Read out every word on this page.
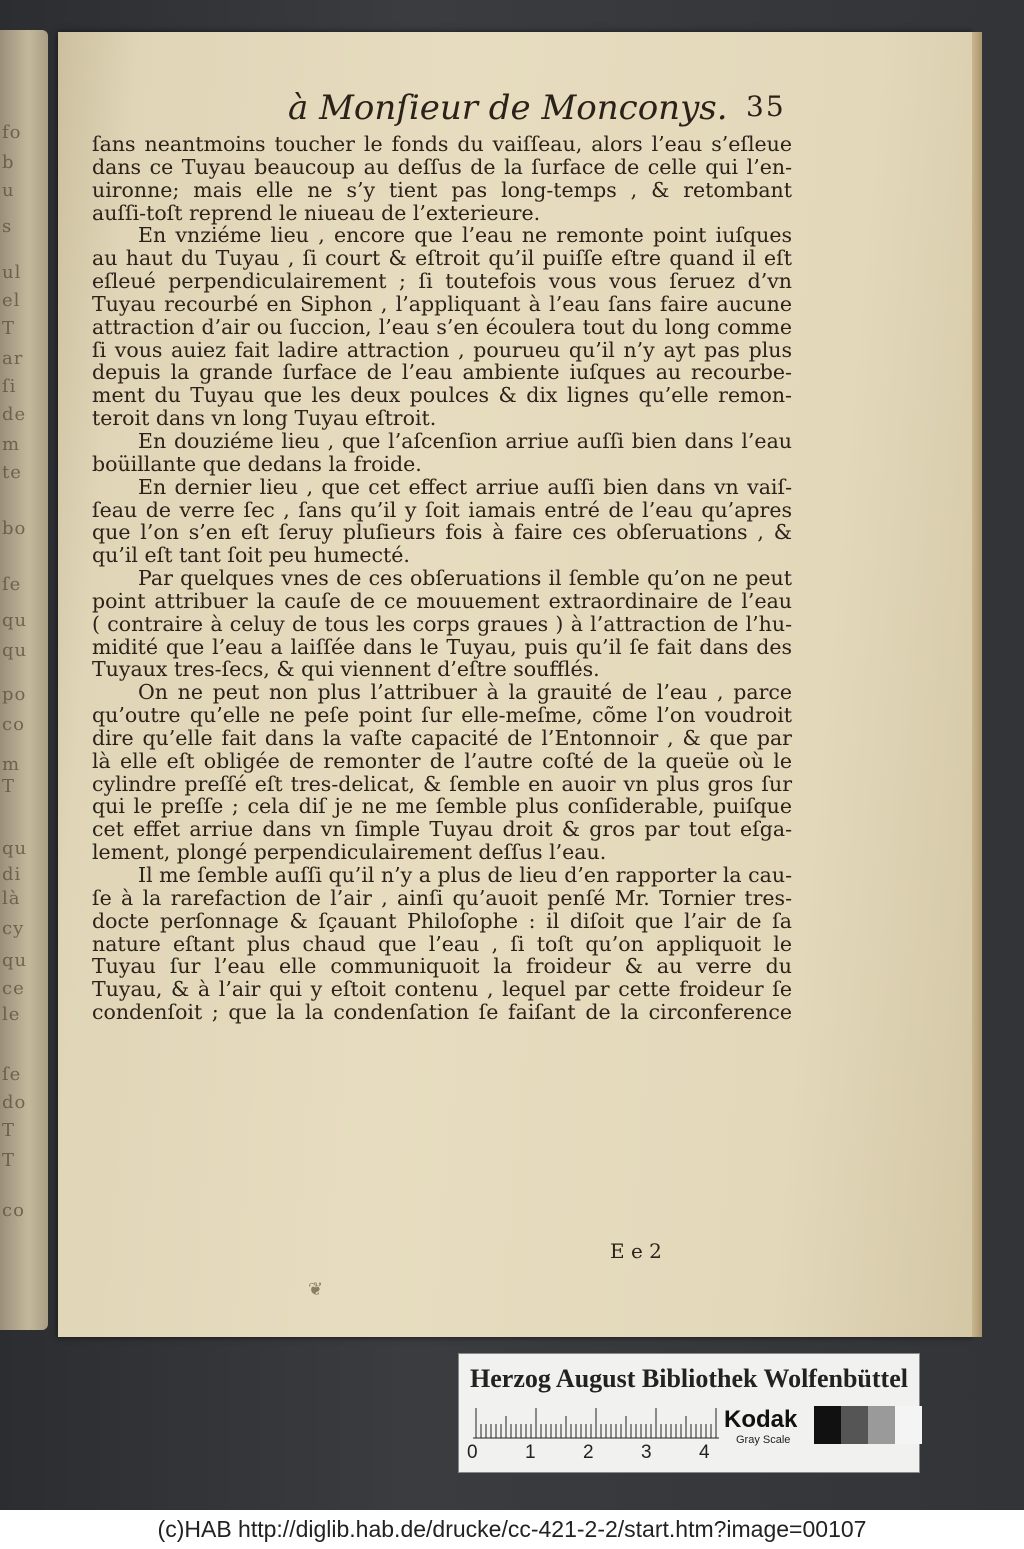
fo
b
u
s
ul
el
T
ar
ſi
de
m
te
bo
ſe
qu
qu
po
co
m
T
qu
di
là
cy
qu
ce
le
ſe
do
T
T
co
à Monſieur de Monconys. 35
ſans neantmoins toucher le fonds du vaiſſeau, alors l’eau s’eſleue
dans ce Tuyau beaucoup au deſſus de la ſurface de celle qui l’en-
uironne; mais elle ne s’y tient pas long-temps , & retombant
auſſi-toſt reprend le niueau de l’exterieure.
En vnziéme lieu , encore que l’eau ne remonte point iuſques
au haut du Tuyau , ſi court & eſtroit qu’il puiſſe eſtre quand il eſt
eſleué perpendiculairement ; ſi toutefois vous vous ſeruez d’vn
Tuyau recourbé en Siphon , l’appliquant à l’eau ſans faire aucune
attraction d’air ou ſuccion, l’eau s’en écoulera tout du long comme
ſi vous auiez fait ladire attraction , pourueu qu’il n’y ayt pas plus
depuis la grande ſurface de l’eau ambiente iuſques au recourbe-
ment du Tuyau que les deux poulces & dix lignes qu’elle remon-
teroit dans vn long Tuyau eſtroit.
En douziéme lieu , que l’aſcenſion arriue auſſi bien dans l’eau
boüillante que dedans la froide.
En dernier lieu , que cet effect arriue auſſi bien dans vn vaiſ-
ſeau de verre ſec , ſans qu’il y ſoit iamais entré de l’eau qu’apres
que l’on s’en eſt ſeruy pluſieurs fois à faire ces obſeruations , &
qu’il eſt tant ſoit peu humecté.
Par quelques vnes de ces obſeruations il ſemble qu’on ne peut
point attribuer la cauſe de ce mouuement extraordinaire de l’eau
( contraire à celuy de tous les corps graues ) à l’attraction de l’hu-
midité que l’eau a laiſſée dans le Tuyau, puis qu’il ſe fait dans des
Tuyaux tres-ſecs, & qui viennent d’eſtre soufflés.
On ne peut non plus l’attribuer à la grauité de l’eau , parce
qu’outre qu’elle ne peſe point ſur elle-meſme, cõme l’on voudroit
dire qu’elle fait dans la vaſte capacité de l’Entonnoir , & que par
là elle eſt obligée de remonter de l’autre coſté de la queüe où le
cylindre preſſé eſt tres-delicat, & ſemble en auoir vn plus gros ſur
qui le preſſe ; cela diſ je ne me ſemble plus conſiderable, puiſque
cet effet arriue dans vn ſimple Tuyau droit & gros par tout eſga-
lement, plongé perpendiculairement deſſus l’eau.
Il me ſemble auſſi qu’il n’y a plus de lieu d’en rapporter la cau-
ſe à la rarefaction de l’air , ainſi qu’auoit penſé Mr. Tornier tres-
docte perſonnage & ſçauant Philoſophe : il diſoit que l’air de ſa
nature eſtant plus chaud que l’eau , ſi toſt qu’on appliquoit le
Tuyau ſur l’eau elle communiquoit la froideur & au verre du
Tuyau, & à l’air qui y eſtoit contenu , lequel par cette froideur ſe
condenſoit ; que la la condenſation ſe faiſant de la circonference
E e 2
❦
Herzog August Bibliothek Wolfenbüttel
0 1 2 3 4
Kodak
Gray Scale
(c)HAB http://diglib.hab.de/drucke/cc-421-2-2/start.htm?image=00107
